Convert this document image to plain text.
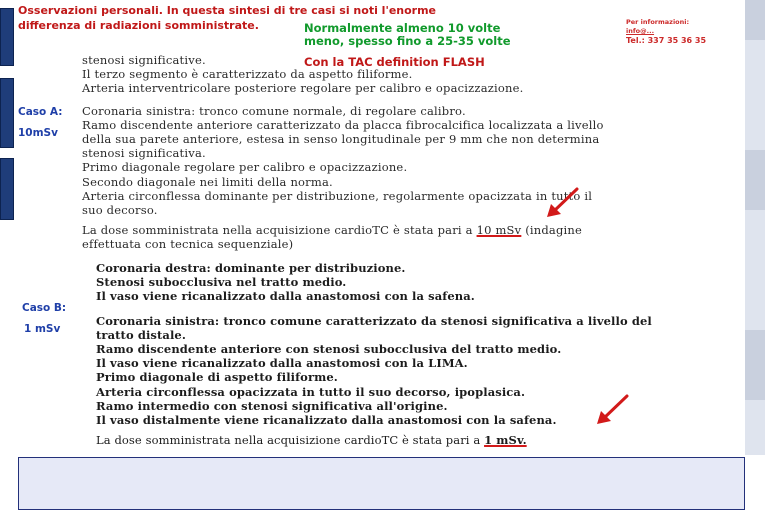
Osservazioni personali. In questa sintesi di tre casi si noti l'enorme
differenza di radiazioni somministrate.	Normalmente almeno 10 volte
meno, spesso fino a 25-35 volte
Con la TAC definition FLASH
Per informazioni:
info@...
Tel.: 337 35 36 35

stenosi significative.

Il terzo segmento è caratterizzato da aspetto filiforme.

Arteria interventricolare posteriore regolare per calibro e opacizzazione.

Coronaria sinistra: tronco comune normale, di regolare calibro.

Ramo discendente anteriore caratterizzato da placca fibrocalcifica localizzata a livello

della sua parete anteriore, estesa in senso longitudinale per 9 mm che non determina

stenosi significativa.

Primo diagonale regolare per calibro e opacizzazione.

Secondo diagonale nei limiti della norma.

Arteria circonflessa dominante per distribuzione, regolarmente opacizzata in tutto il

suo decorso.

La dose somministrata nella acquisizione cardioTC è stata pari a 10 mSv (indagine

effettuata con tecnica sequenziale)

Caso A:
10mSv
Caso B:
1 mSv

Coronaria destra: dominante per distribuzione.

Stenosi subocclusiva nel tratto medio.

Il vaso viene ricanalizzato dalla anastomosi con la safena.

Coronaria sinistra: tronco comune caratterizzato da stenosi significativa a livello del

tratto distale.

Ramo discendente anteriore con stenosi subocclusiva del tratto medio.

Il vaso viene ricanalizzato dalla anastomosi con la LIMA.

Primo diagonale di aspetto filiforme.

Arteria circonflessa opacizzata in tutto il suo decorso, ipoplasica.

Ramo intermedio con stenosi significativa all'origine.

Il vaso distalmente viene ricanalizzato dalla anastomosi con la safena.

La dose somministrata nella acquisizione cardioTC è stata pari a 1 mSv.
